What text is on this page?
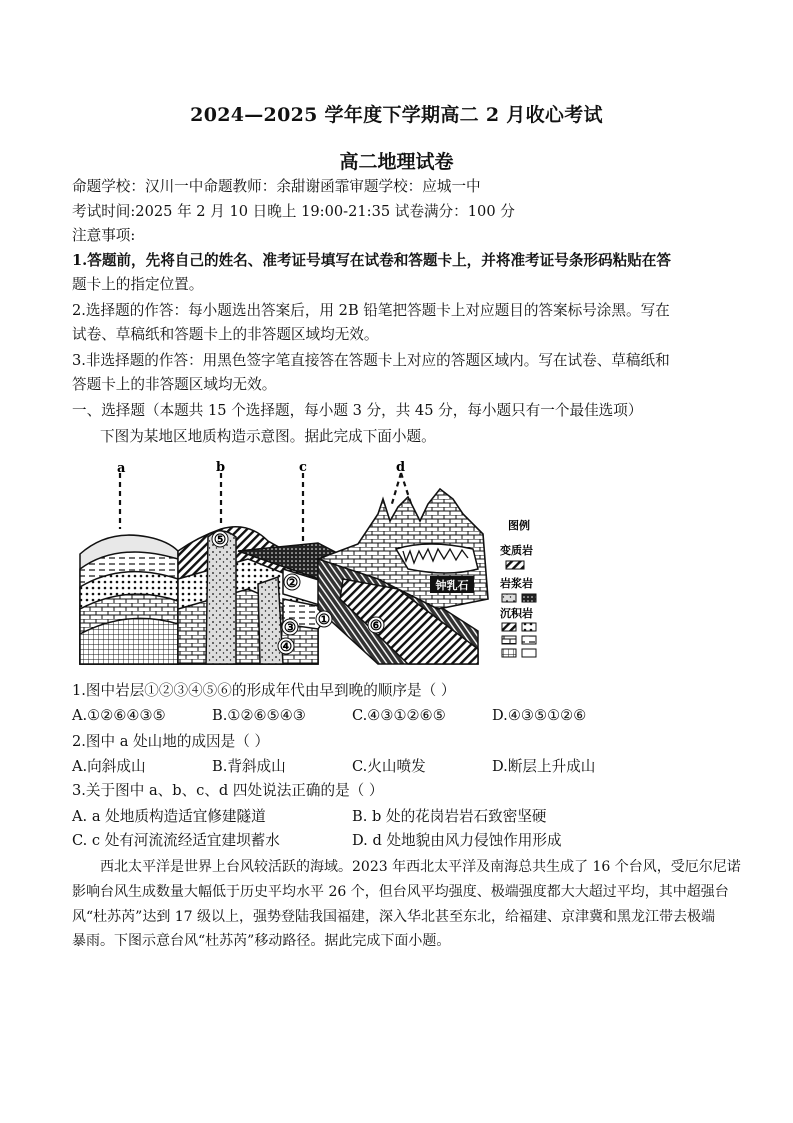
2024—2025 学年度下学期高二 2 月收心考试
高二地理试卷
命题学校：汉川一中命题教师：余甜谢函霏审题学校：应城一中
考试时间:2025 年 2 月 10 日晚上 19:00-21:35 试卷满分：100 分
注意事项:
1.答题前，先将自己的姓名、准考证号填写在试卷和答题卡上，并将准考证号条形码粘贴在答
题卡上的指定位置。
2.选择题的作答：每小题选出答案后，用 2B 铅笔把答题卡上对应题目的答案标号涂黑。写在
试卷、草稿纸和答题卡上的非答题区域均无效。
3.非选择题的作答：用黑色签字笔直接答在答题卡上对应的答题区域内。写在试卷、草稿纸和
答题卡上的非答题区域均无效。
一、选择题（本题共 15 个选择题，每小题 3 分，共 45 分，每小题只有一个最佳选项）
下图为某地区地质构造示意图。据此完成下面小题。
a	b	c	d
钟乳石
②
⑤
①
③
④
⑥
图例
变质岩
岩浆岩
沉积岩
1.图中岩层①②③④⑤⑥的形成年代由早到晚的顺序是（ ）
A.①②⑥④③⑤	B.①②⑥⑤④③	C.④③①②⑥⑤	D.④③⑤①②⑥
2.图中 a 处山地的成因是（ ）
A.向斜成山	B.背斜成山	C.火山喷发	D.断层上升成山
3.关于图中 a、b、c、d 四处说法正确的是（ ）
A. a 处地质构造适宜修建隧道	B. b 处的花岗岩岩石致密坚硬
C. c 处有河流流经适宜建坝蓄水	D. d 处地貌由风力侵蚀作用形成
西北太平洋是世界上台风较活跃的海域。2023 年西北太平洋及南海总共生成了 16 个台风，受厄尔尼诺
影响台风生成数量大幅低于历史平均水平 26 个，但台风平均强度、极端强度都大大超过平均，其中超强台
风“杜苏芮”达到 17 级以上，强势登陆我国福建，深入华北甚至东北，给福建、京津冀和黑龙江带去极端
暴雨。下图示意台风“杜苏芮”移动路径。据此完成下面小题。
